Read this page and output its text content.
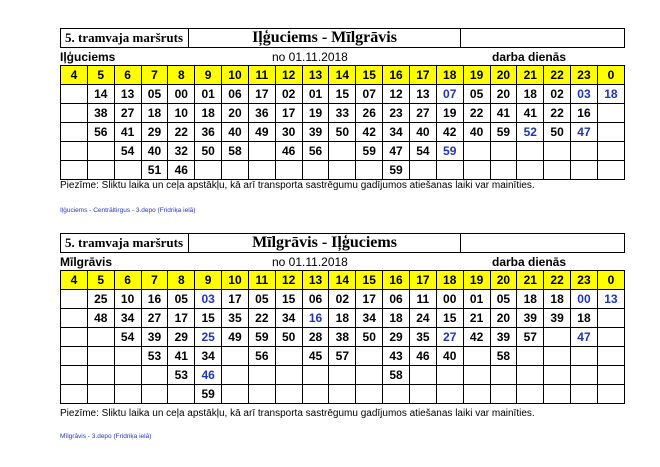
5. tramvaja maršruts	Iļģuciems - Mīlgrāvis
Iļģuciems	no 01.11.2018	darba dienās
4	5	6	7	8	9	10	11	12	13	14	15	16	17	18	19	20	21	22	23	0
	14	13	05	00	01	06	17	02	01	15	07	12	13	07	05	20	18	02	03	18
	38	27	18	10	18	20	36	17	19	33	26	23	27	19	22	41	41	22	16	
	56	41	29	22	36	40	49	30	39	50	42	34	40	42	40	59	52	50	47	
		54	40	32	50	58		46	56		59	47	54	59						
			51	46								59								
Piezīme: Sliktu laika un ceļa apstākļu, kā arī transporta sastrēgumu gadījumos atiešanas laiki var mainīties.
Iļģuciems - Centrāltirgus - 3.depo (Fridriķa ielā)
5. tramvaja maršruts	Mīlgrāvis - Iļģuciems
Mīlgrāvis	no 01.11.2018	darba dienās
4	5	6	7	8	9	10	11	12	13	14	15	16	17	18	19	20	21	22	23	0
	25	10	16	05	03	17	05	15	06	02	17	06	11	00	01	05	18	18	00	13
	48	34	27	17	15	35	22	34	16	18	34	18	24	15	21	20	39	39	18	
		54	39	29	25	49	59	50	28	38	50	29	35	27	42	39	57		47	
			53	41	34		56		45	57		43	46	40		58				
				53	46							58								
					59															
Piezīme: Sliktu laika un ceļa apstākļu, kā arī transporta sastrēgumu gadījumos atiešanas laiki var mainīties.
Mīlgrāvis - 3.depo (Fridriķa ielā)
